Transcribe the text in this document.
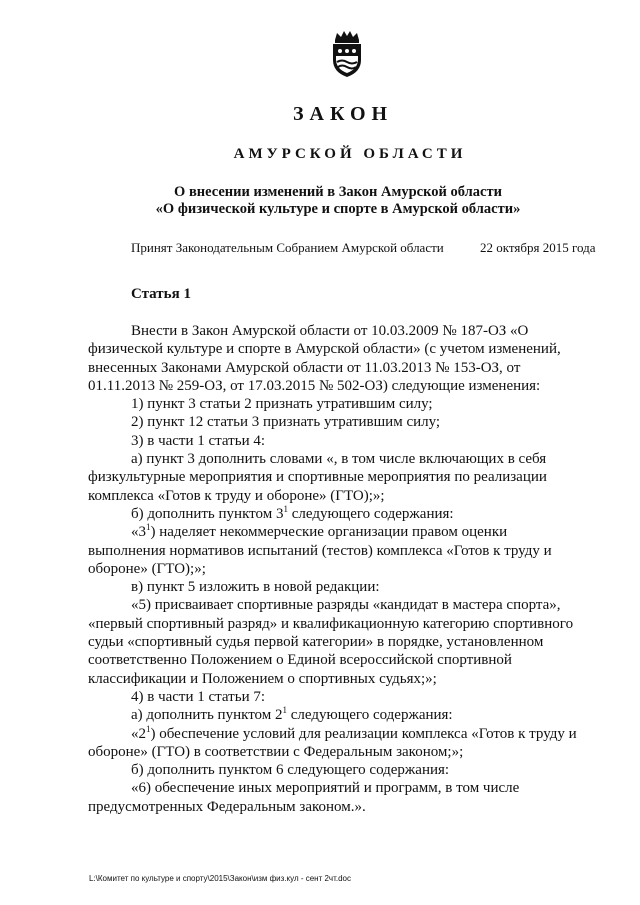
ЗАКОН
АМУРСКОЙ ОБЛАСТИ
О внесении изменений в Закон Амурской области
«О физической культуре и спорте в Амурской области»
Принят Законодательным Собранием Амурской области	22 октября 2015 года
Статья 1

Внести в Закон Амурской области от 10.03.2009 № 187-ОЗ «О физической культуре и спорте в Амурской области» (с учетом изменений, внесенных Законами Амурской области от 11.03.2013 № 153-ОЗ, от 01.11.2013 № 259-ОЗ, от 17.03.2015 № 502-ОЗ) следующие изменения:

1) пункт 3 статьи 2 признать утратившим силу;

2) пункт 12 статьи 3 признать утратившим силу;

3) в части 1 статьи 4:

а) пункт 3 дополнить словами «, в том числе включающих в себя физкультурные мероприятия и спортивные мероприятия по реализации комплекса «Готов к труду и обороне» (ГТО);»;

б) дополнить пунктом $3^1$ следующего содержания:

«$3^1$) наделяет некоммерческие организации правом оценки выполнения нормативов испытаний (тестов) комплекса «Готов к труду и обороне» (ГТО);»;

в) пункт 5 изложить в новой редакции:

«5) присваивает спортивные разряды «кандидат в мастера спорта», «первый спортивный разряд» и квалификационную категорию спортивного судьи «спортивный судья первой категории» в порядке, установленном соответственно Положением о Единой всероссийской спортивной классификации и Положением о спортивных судьях;»;

4) в части 1 статьи 7:

а) дополнить пунктом $2^1$ следующего содержания:

«$2^1$) обеспечение условий для реализации комплекса «Готов к труду и обороне» (ГТО) в соответствии с Федеральным законом;»;

б) дополнить пунктом 6 следующего содержания:

«6) обеспечение иных мероприятий и программ, в том числе предусмотренных Федеральным законом.».

L:\Комитет по культуре и спорту\2015\Закон\изм физ.кул - сент 2чт.doc
